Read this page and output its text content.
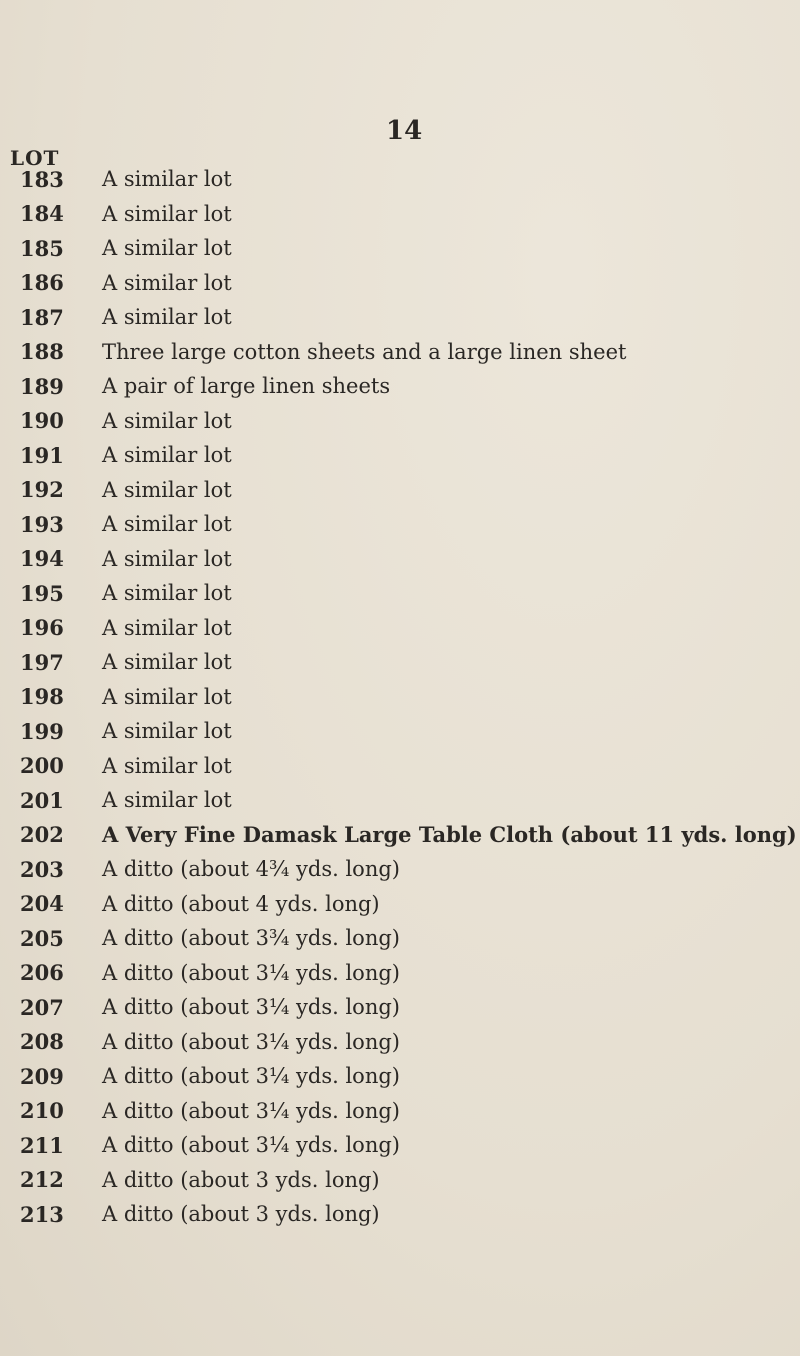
14
LOT
183	A similar lot
184	A similar lot
185	A similar lot
186	A similar lot
187	A similar lot
188	Three large cotton sheets and a large linen sheet
189	A pair of large linen sheets
190	A similar lot
191	A similar lot
192	A similar lot
193	A similar lot
194	A similar lot
195	A similar lot
196	A similar lot
197	A similar lot
198	A similar lot
199	A similar lot
200	A similar lot
201	A similar lot
202	A Very Fine Damask Large Table Cloth (about 11 yds. long)
203	A ditto (about 4¾ yds. long)
204	A ditto (about 4 yds. long)
205	A ditto (about 3¾ yds. long)
206	A ditto (about 3¼ yds. long)
207	A ditto (about 3¼ yds. long)
208	A ditto (about 3¼ yds. long)
209	A ditto (about 3¼ yds. long)
210	A ditto (about 3¼ yds. long)
211	A ditto (about 3¼ yds. long)
212	A ditto (about 3 yds. long)
213	A ditto (about 3 yds. long)
